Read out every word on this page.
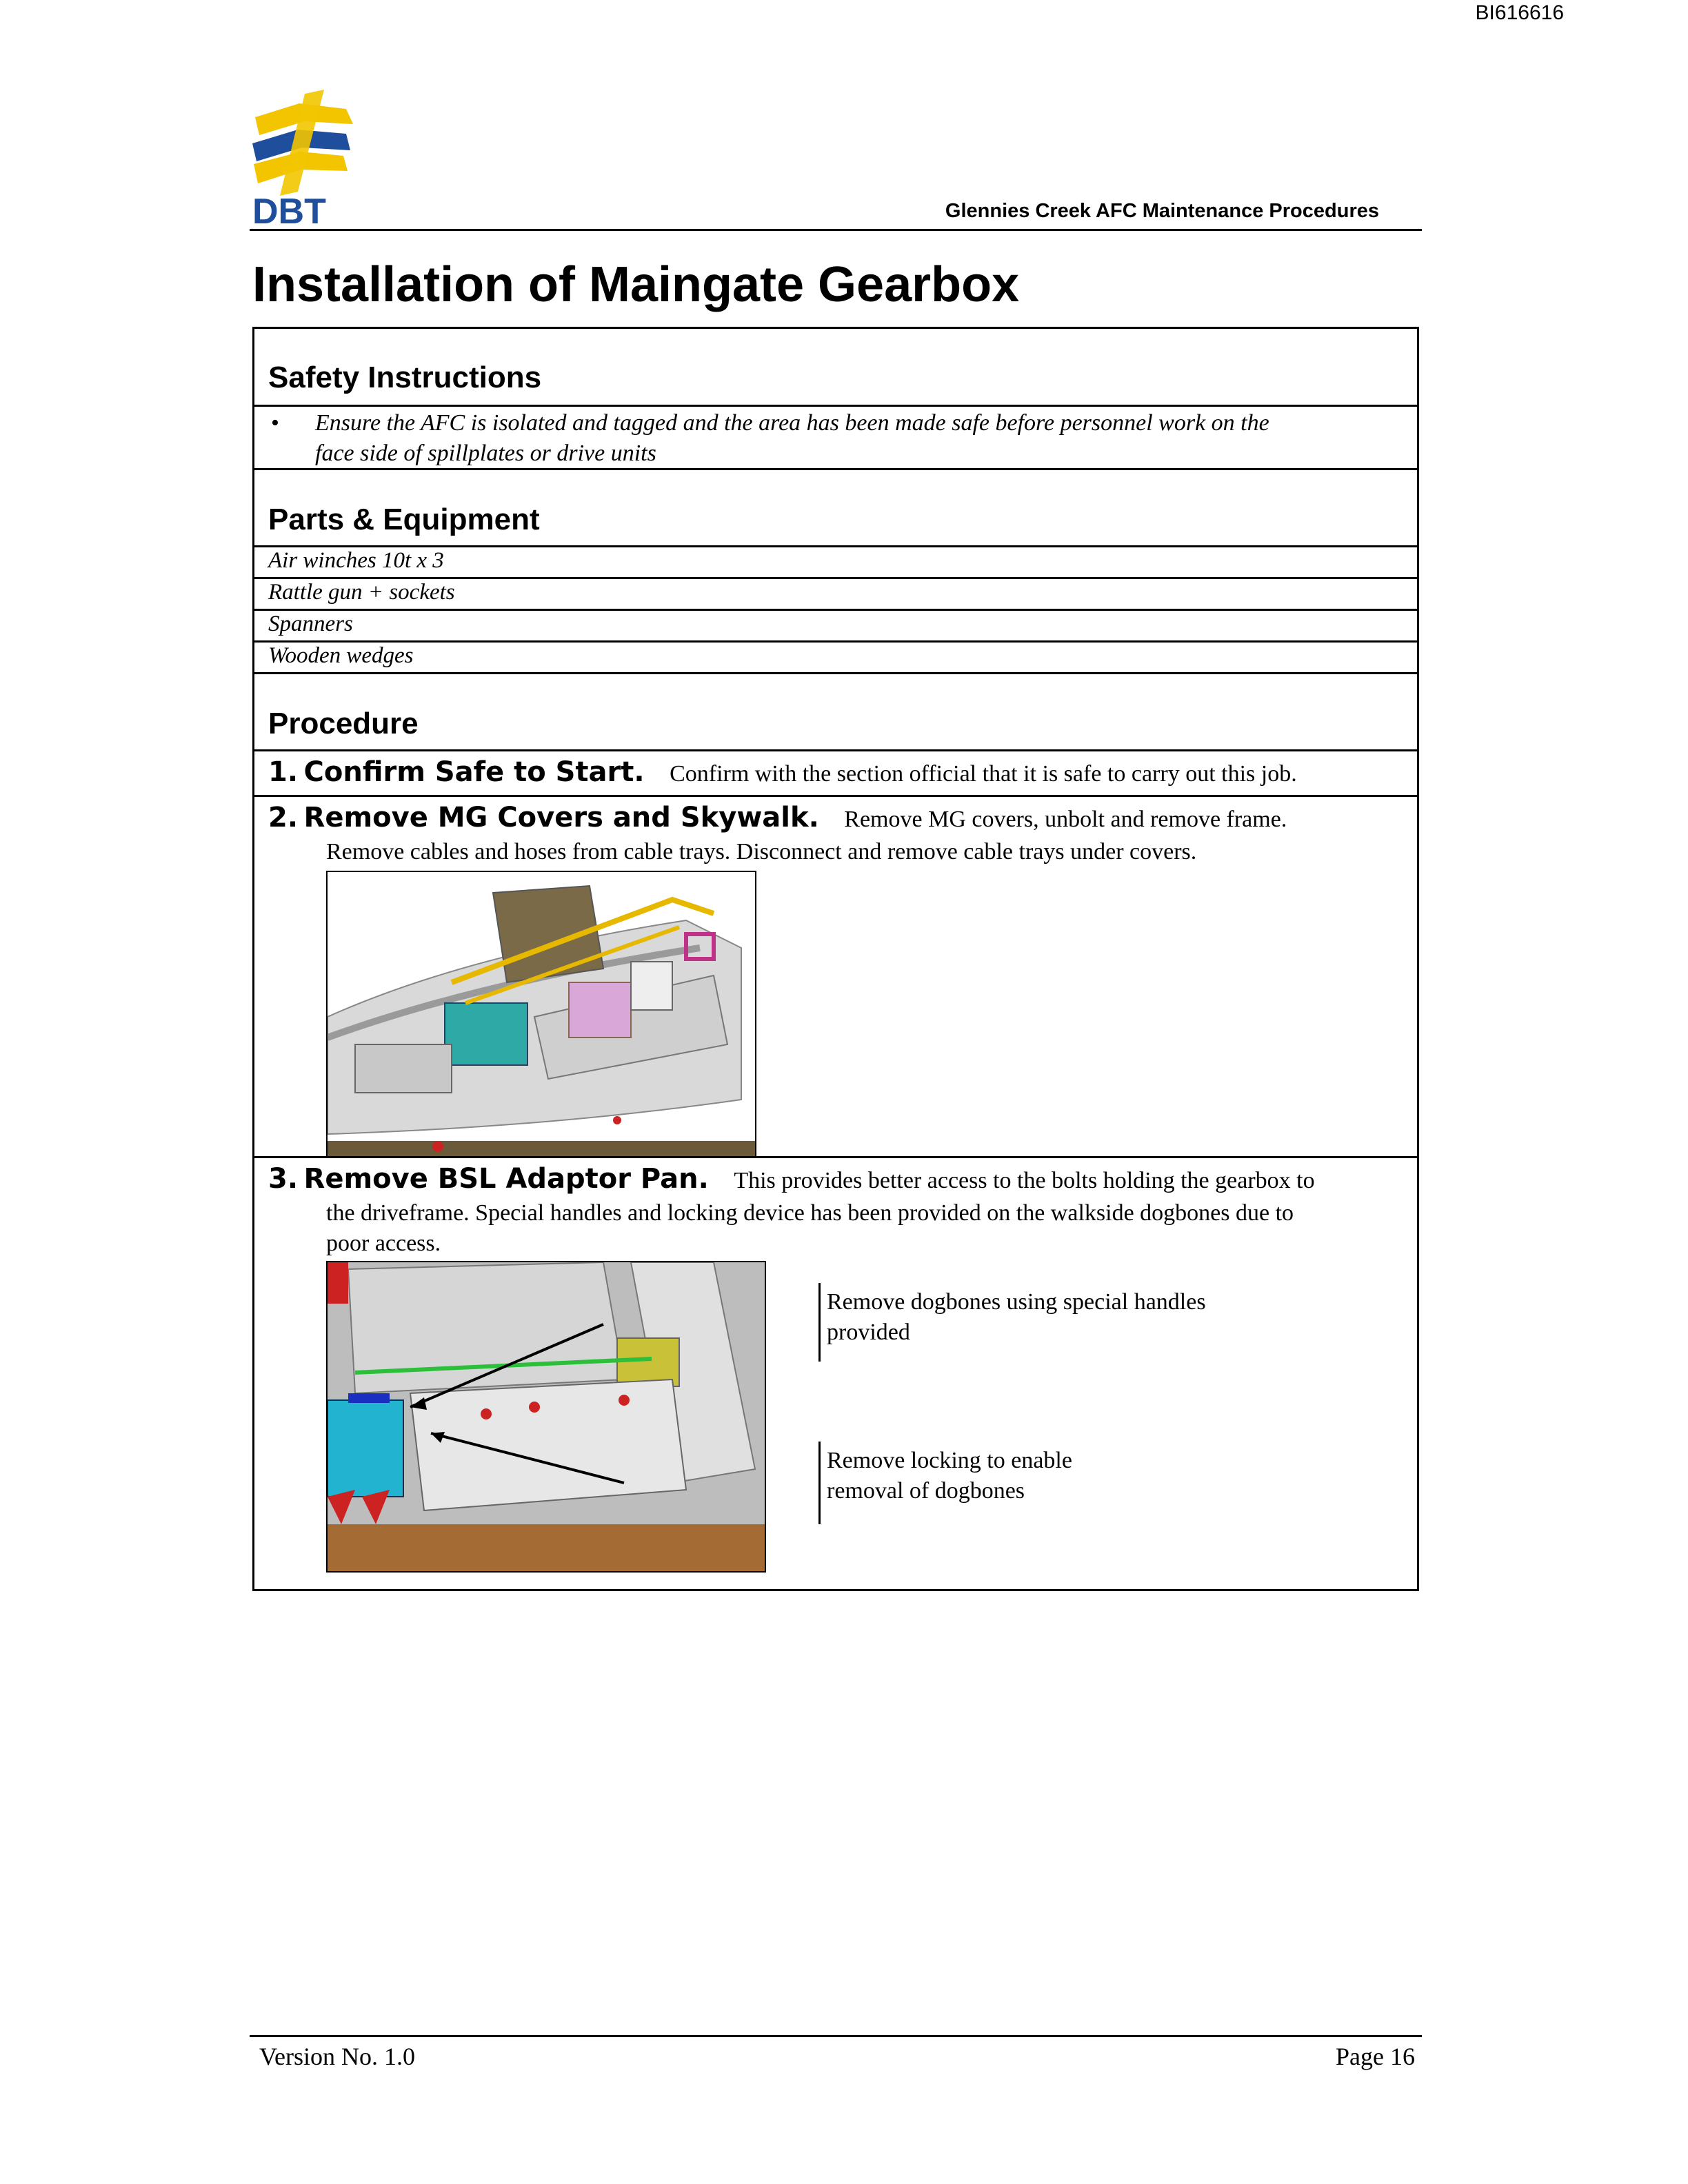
BI616616
DBT	Glennies Creek AFC Maintenance Procedures
Installation of Maingate Gearbox
Safety Instructions
• Ensure the AFC is isolated and tagged and the area has been made safe before personnel work on the
face side of spillplates or drive units
Parts & Equipment
Air winches 10t x 3
Rattle gun + sockets
Spanners
Wooden wedges
Procedure
1. Confirm Safe to Start. Confirm with the section official that it is safe to carry out this job.
2. Remove MG Covers and Skywalk. Remove MG covers, unbolt and remove frame.
Remove cables and hoses from cable trays. Disconnect and remove cable trays under covers.
3. Remove BSL Adaptor Pan. This provides better access to the bolts holding the gearbox to
the driveframe. Special handles and locking device has been provided on the walkside dogbones due to
poor access.
Remove dogbones using special handles provided
Remove locking to enable removal of dogbones
Version No. 1.0	Page 16
